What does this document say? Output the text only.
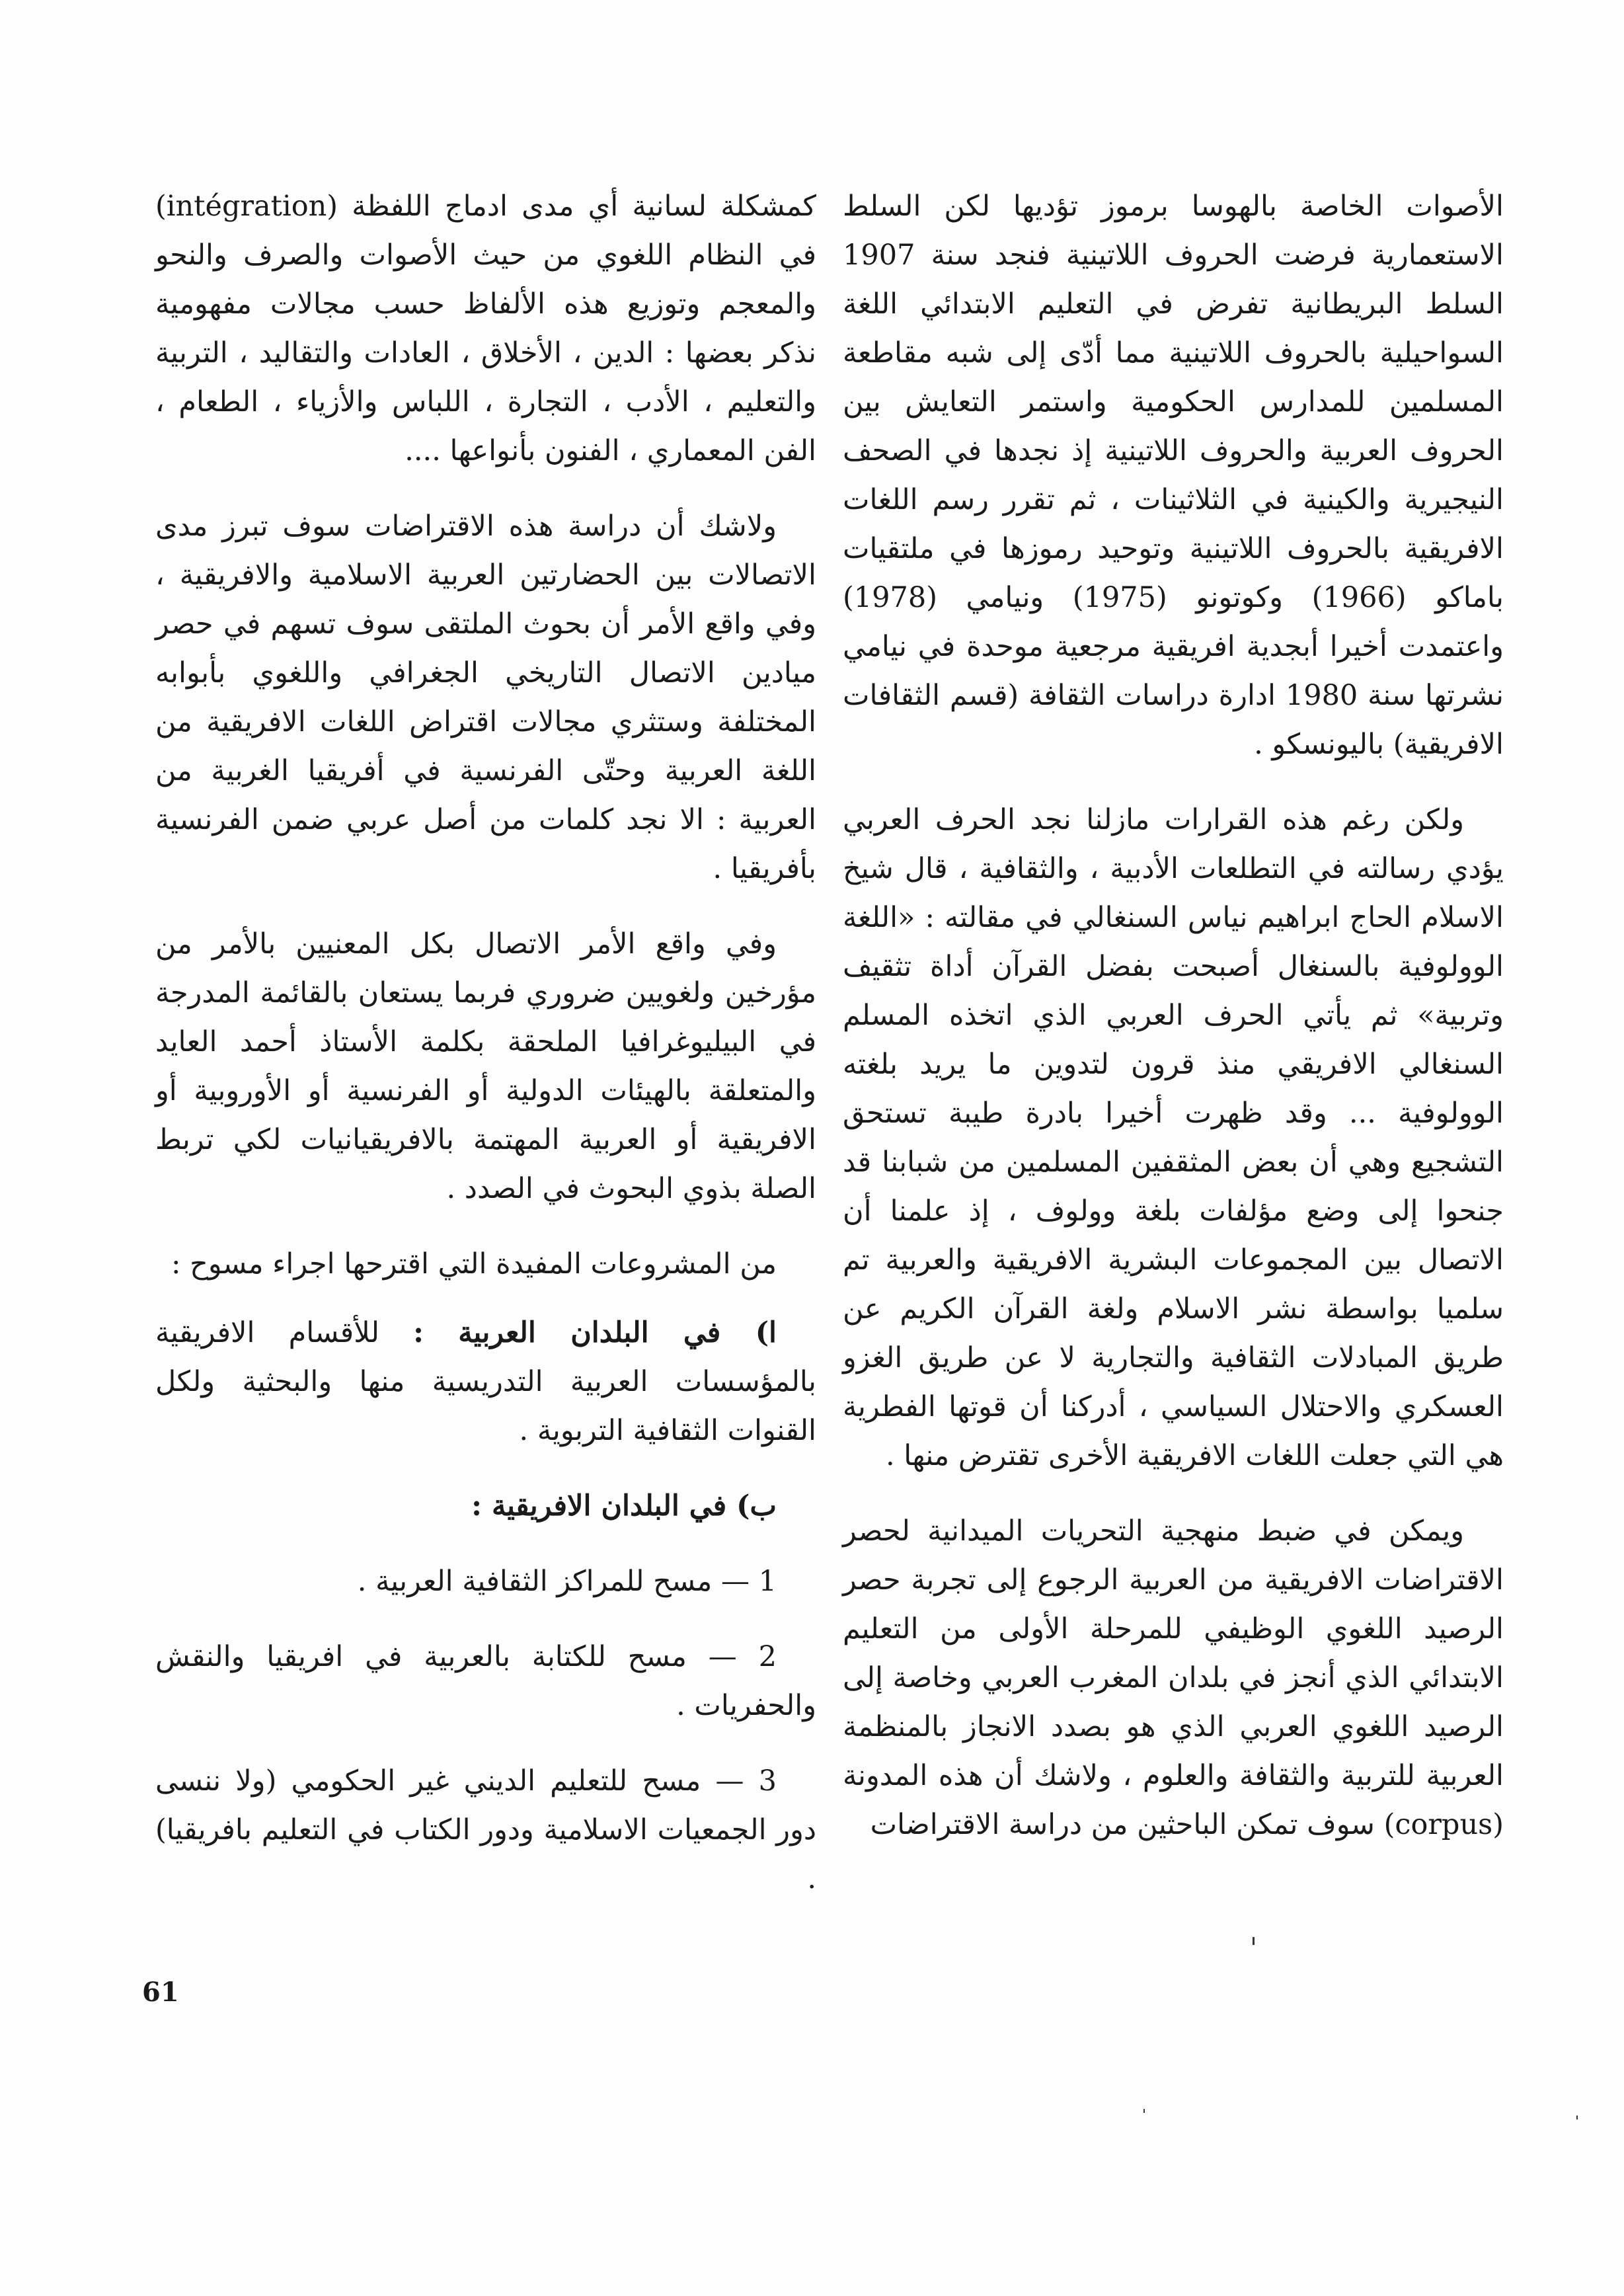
الأصوات الخاصة بالهوسا برموز تؤديها لكن السلط الاستعمارية فرضت الحروف اللاتينية فنجد سنة 1907 السلط البريطانية تفرض في التعليم الابتدائي اللغة السواحيلية بالحروف اللاتينية مما أدّى إلى شبه مقاطعة المسلمين للمدارس الحكومية واستمر التعايش بين الحروف العربية والحروف اللاتينية إذ نجدها في الصحف النيجيرية والكينية في الثلاثينات ، ثم تقرر رسم اللغات الافريقية بالحروف اللاتينية وتوحيد رموزها في ملتقيات باماكو (1966) وكوتونو (1975) ونيامي (1978) واعتمدت أخيرا أبجدية افريقية مرجعية موحدة في نيامي نشرتها سنة 1980 ادارة دراسات الثقافة (قسم الثقافات الافريقية) باليونسكو .

ولكن رغم هذه القرارات مازلنا نجد الحرف العربي يؤدي رسالته في التطلعات الأدبية ، والثقافية ، قال شيخ الاسلام الحاج ابراهيم نياس السنغالي في مقالته : «اللغة الوولوفية بالسنغال أصبحت بفضل القرآن أداة تثقيف وتربية» ثم يأتي الحرف العربي الذي اتخذه المسلم السنغالي الافريقي منذ قرون لتدوين ما يريد بلغته الوولوفية ... وقد ظهرت أخيرا بادرة طيبة تستحق التشجيع وهي أن بعض المثقفين المسلمين من شبابنا قد جنحوا إلى وضع مؤلفات بلغة وولوف ، إذ علمنا أن الاتصال بين المجموعات البشرية الافريقية والعربية تم سلميا بواسطة نشر الاسلام ولغة القرآن الكريم عن طريق المبادلات الثقافية والتجارية لا عن طريق الغزو العسكري والاحتلال السياسي ، أدركنا أن قوتها الفطرية هي التي جعلت اللغات الافريقية الأخرى تقترض منها .

ويمكن في ضبط منهجية التحريات الميدانية لحصر الاقتراضات الافريقية من العربية الرجوع إلى تجربة حصر الرصيد اللغوي الوظيفي للمرحلة الأولى من التعليم الابتدائي الذي أنجز في بلدان المغرب العربي وخاصة إلى الرصيد اللغوي العربي الذي هو بصدد الانجاز بالمنظمة العربية للتربية والثقافة والعلوم ، ولاشك أن هذه المدونة (corpus) سوف تمكن الباحثين من دراسة الاقتراضات

كمشكلة لسانية أي مدى ادماج اللفظة (intégration) في النظام اللغوي من حيث الأصوات والصرف والنحو والمعجم وتوزيع هذه الألفاظ حسب مجالات مفهومية نذكر بعضها : الدين ، الأخلاق ، العادات والتقاليد ، التربية والتعليم ، الأدب ، التجارة ، اللباس والأزياء ، الطعام ، الفن المعماري ، الفنون بأنواعها ....

ولاشك أن دراسة هذه الاقتراضات سوف تبرز مدى الاتصالات بين الحضارتين العربية الاسلامية والافريقية ، وفي واقع الأمر أن بحوث الملتقى سوف تسهم في حصر ميادين الاتصال التاريخي الجغرافي واللغوي بأبوابه المختلفة وستثري مجالات اقتراض اللغات الافريقية من اللغة العربية وحتّى الفرنسية في أفريقيا الغربية من العربية : الا نجد كلمات من أصل عربي ضمن الفرنسية بأفريقيا .

وفي واقع الأمر الاتصال بكل المعنيين بالأمر من مؤرخين ولغويين ضروري فربما يستعان بالقائمة المدرجة في البيليوغرافيا الملحقة بكلمة الأستاذ أحمد العايد والمتعلقة بالهيئات الدولية أو الفرنسية أو الأوروبية أو الافريقية أو العربية المهتمة بالافريقيانيات لكي تربط الصلة بذوي البحوث في الصدد .

من المشروعات المفيدة التي اقترحها اجراء مسوح :

ا) في البلدان العربية : للأقسام الافريقية بالمؤسسات العربية التدريسية منها والبحثية ولكل القنوات الثقافية التربوية .

ب) في البلدان الافريقية :

1 — مسح للمراكز الثقافية العربية .

2 — مسح للكتابة بالعربية في افريقيا والنقش والحفريات .

3 — مسح للتعليم الديني غير الحكومي (ولا ننسى دور الجمعيات الاسلامية ودور الكتاب في التعليم بافريقيا) .

61
